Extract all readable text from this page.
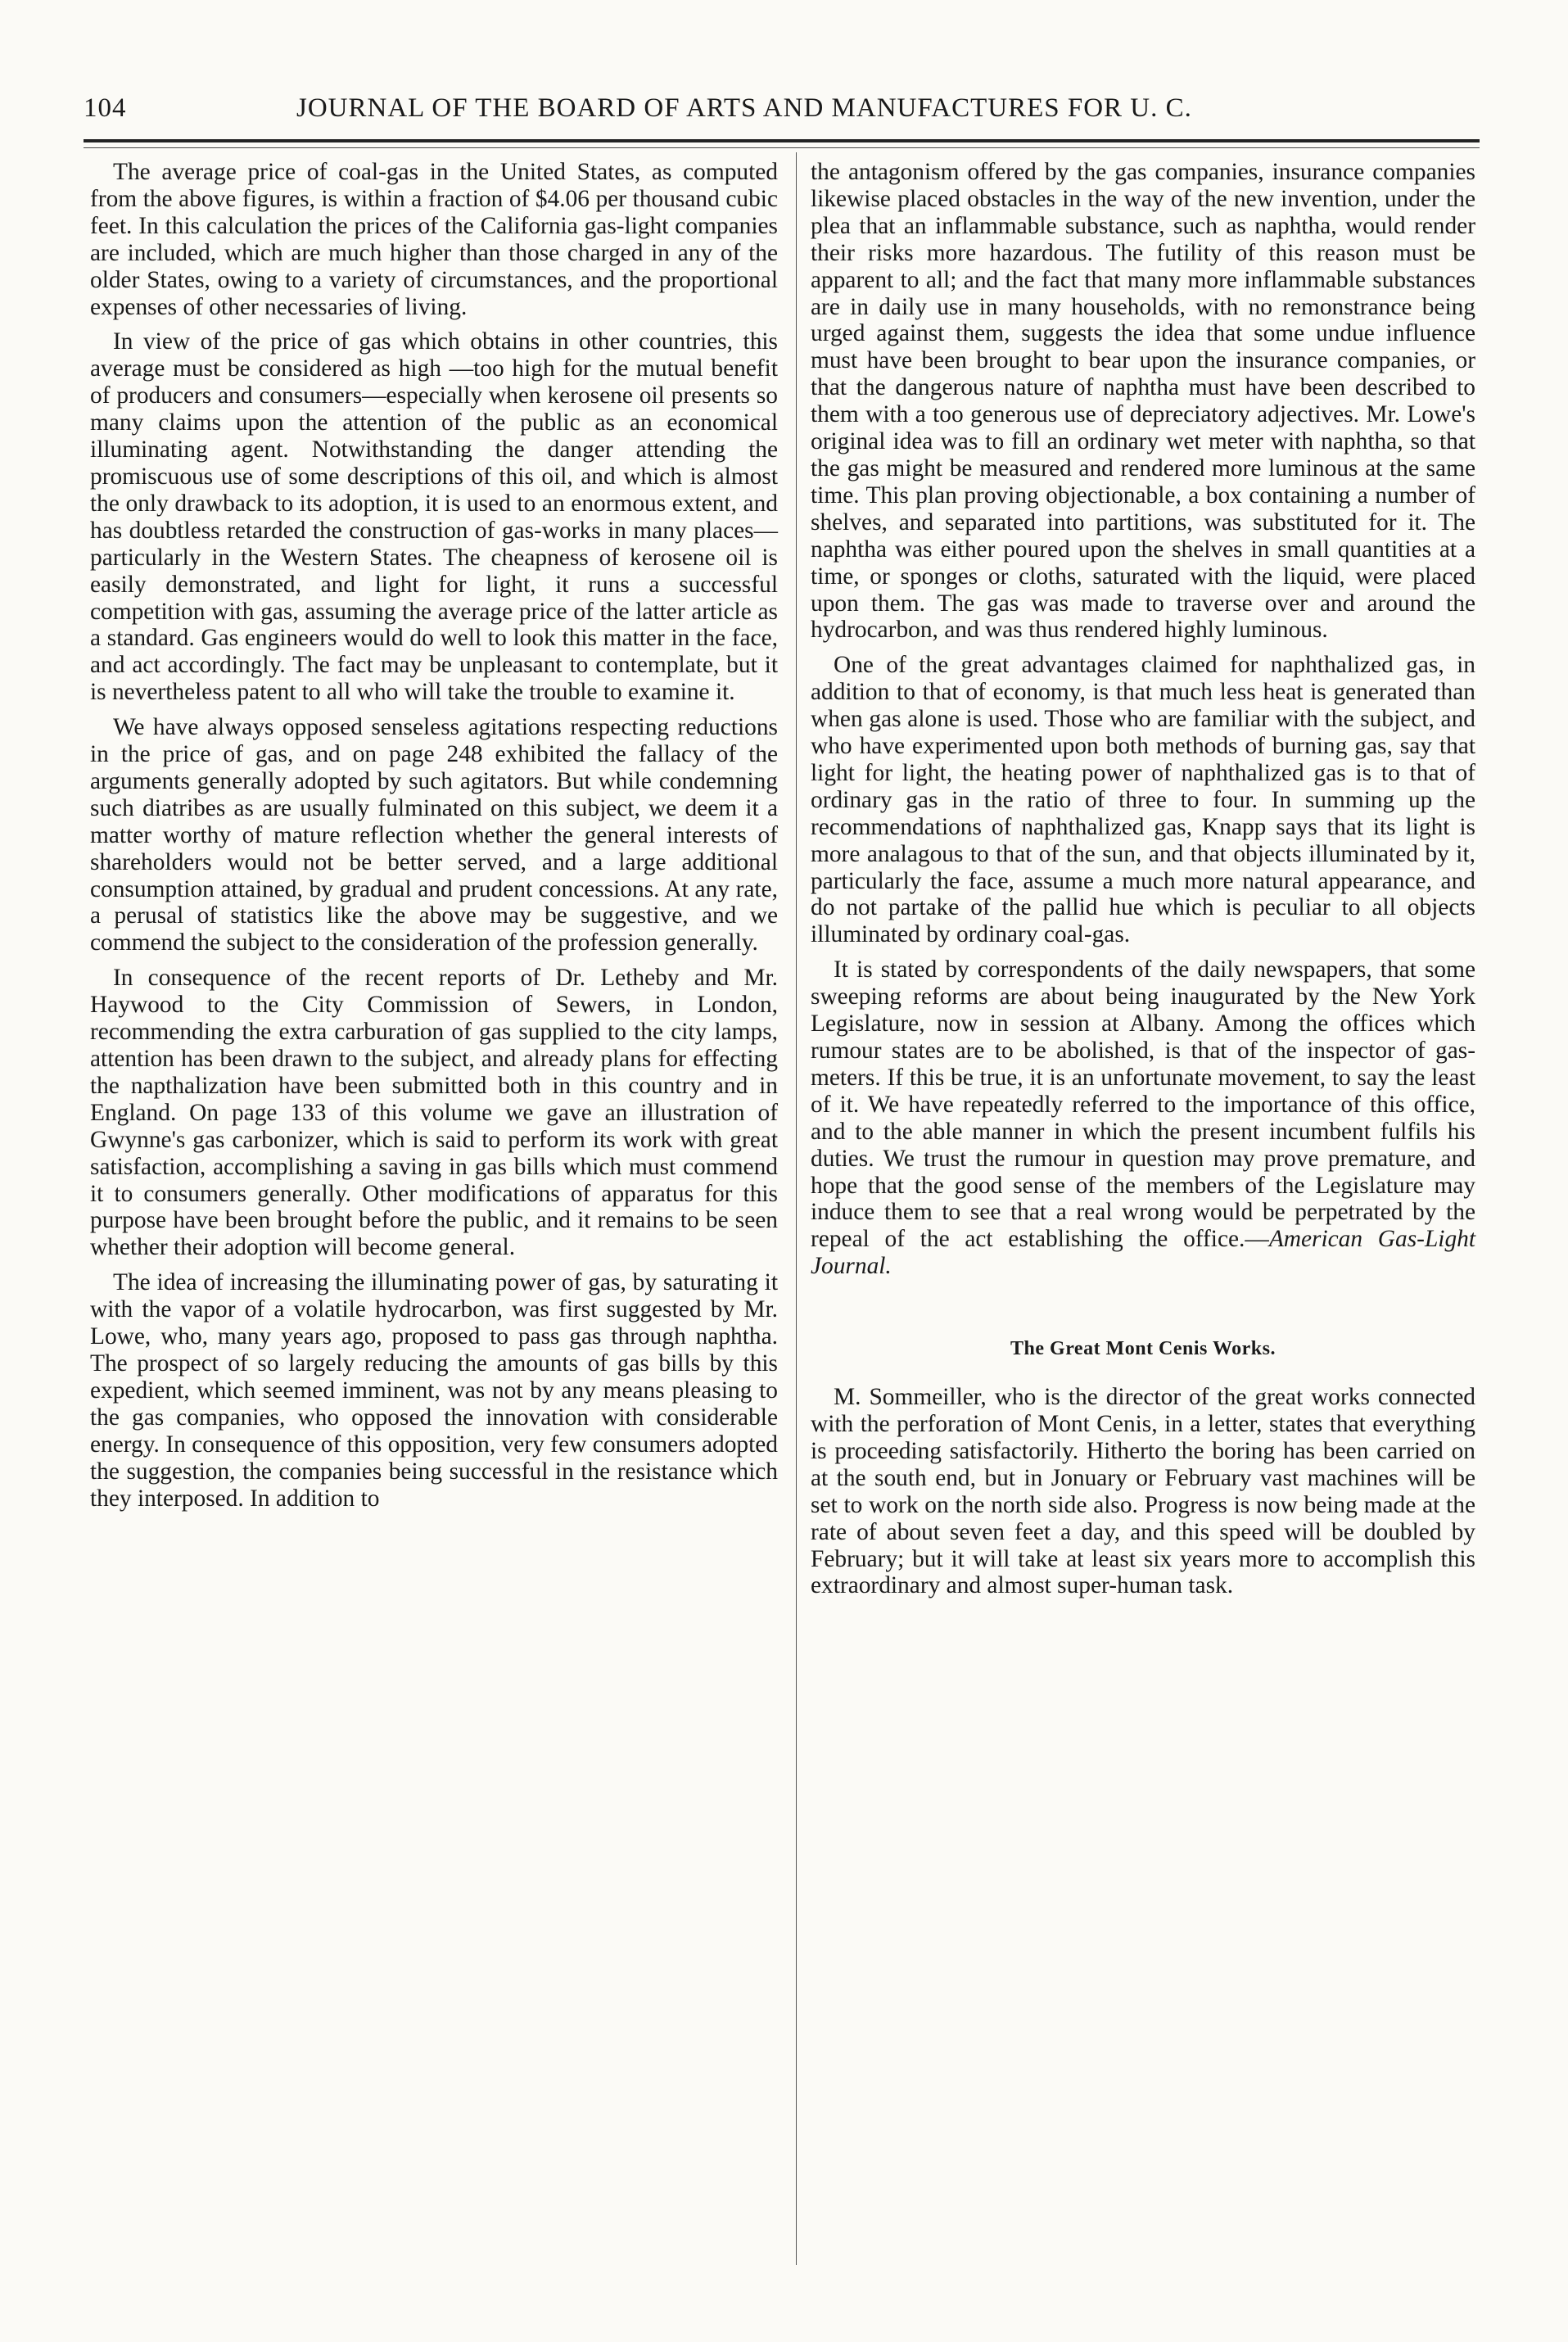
104	JOURNAL OF THE BOARD OF ARTS AND MANUFACTURES FOR U. C.

The average price of coal-gas in the United States, as computed from the above figures, is within a fraction of $4.06 per thousand cubic feet. In this calculation the prices of the California gas-light companies are included, which are much higher than those charged in any of the older States, owing to a variety of circumstances, and the proportional expenses of other necessaries of living.

In view of the price of gas which obtains in other countries, this average must be considered as high —too high for the mutual benefit of producers and consumers—especially when kerosene oil presents so many claims upon the attention of the public as an economical illuminating agent. Notwithstanding the danger attending the promiscuous use of some descriptions of this oil, and which is almost the only drawback to its adoption, it is used to an enormous extent, and has doubtless retarded the construction of gas-works in many places—particularly in the Western States. The cheapness of kerosene oil is easily demonstrated, and light for light, it runs a successful competition with gas, assuming the average price of the latter article as a standard. Gas engineers would do well to look this matter in the face, and act accordingly. The fact may be unpleasant to contemplate, but it is nevertheless patent to all who will take the trouble to examine it.

We have always opposed senseless agitations respecting reductions in the price of gas, and on page 248 exhibited the fallacy of the arguments generally adopted by such agitators. But while condemning such diatribes as are usually fulminated on this subject, we deem it a matter worthy of mature reflection whether the general interests of shareholders would not be better served, and a large additional consumption attained, by gradual and prudent concessions. At any rate, a perusal of statistics like the above may be suggestive, and we commend the subject to the consideration of the profession generally.

In consequence of the recent reports of Dr. Letheby and Mr. Haywood to the City Commission of Sewers, in London, recommending the extra carburation of gas supplied to the city lamps, attention has been drawn to the subject, and already plans for effecting the napthalization have been submitted both in this country and in England. On page 133 of this volume we gave an illustration of Gwynne's gas carbonizer, which is said to perform its work with great satisfaction, accomplishing a saving in gas bills which must commend it to consumers generally. Other modifications of apparatus for this purpose have been brought before the public, and it remains to be seen whether their adoption will become general.

The idea of increasing the illuminating power of gas, by saturating it with the vapor of a volatile hydrocarbon, was first suggested by Mr. Lowe, who, many years ago, proposed to pass gas through naphtha. The prospect of so largely reducing the amounts of gas bills by this expedient, which seemed imminent, was not by any means pleasing to the gas companies, who opposed the innovation with considerable energy. In consequence of this opposition, very few consumers adopted the suggestion, the companies being successful in the resistance which they interposed. In addition to

the antagonism offered by the gas companies, insurance companies likewise placed obstacles in the way of the new invention, under the plea that an inflammable substance, such as naphtha, would render their risks more hazardous. The futility of this reason must be apparent to all; and the fact that many more inflammable substances are in daily use in many households, with no remonstrance being urged against them, suggests the idea that some undue influence must have been brought to bear upon the insurance companies, or that the dangerous nature of naphtha must have been described to them with a too generous use of depreciatory adjectives. Mr. Lowe's original idea was to fill an ordinary wet meter with naphtha, so that the gas might be measured and rendered more luminous at the same time. This plan proving objectionable, a box containing a number of shelves, and separated into partitions, was substituted for it. The naphtha was either poured upon the shelves in small quantities at a time, or sponges or cloths, saturated with the liquid, were placed upon them. The gas was made to traverse over and around the hydrocarbon, and was thus rendered highly luminous.

One of the great advantages claimed for naphthalized gas, in addition to that of economy, is that much less heat is generated than when gas alone is used. Those who are familiar with the subject, and who have experimented upon both methods of burning gas, say that light for light, the heating power of naphthalized gas is to that of ordinary gas in the ratio of three to four. In summing up the recommendations of naphthalized gas, Knapp says that its light is more analagous to that of the sun, and that objects illuminated by it, particularly the face, assume a much more natural appearance, and do not partake of the pallid hue which is peculiar to all objects illuminated by ordinary coal-gas.

It is stated by correspondents of the daily newspapers, that some sweeping reforms are about being inaugurated by the New York Legislature, now in session at Albany. Among the offices which rumour states are to be abolished, is that of the inspector of gas-meters. If this be true, it is an unfortunate movement, to say the least of it. We have repeatedly referred to the importance of this office, and to the able manner in which the present incumbent fulfils his duties. We trust the rumour in question may prove premature, and hope that the good sense of the members of the Legislature may induce them to see that a real wrong would be perpetrated by the repeal of the act establishing the office.—American Gas-Light Journal.

The Great Mont Cenis Works.

M. Sommeiller, who is the director of the great works connected with the perforation of Mont Cenis, in a letter, states that everything is proceeding satisfactorily. Hitherto the boring has been carried on at the south end, but in Jonuary or February vast machines will be set to work on the north side also. Progress is now being made at the rate of about seven feet a day, and this speed will be doubled by February; but it will take at least six years more to accomplish this extraordinary and almost super-human task.
